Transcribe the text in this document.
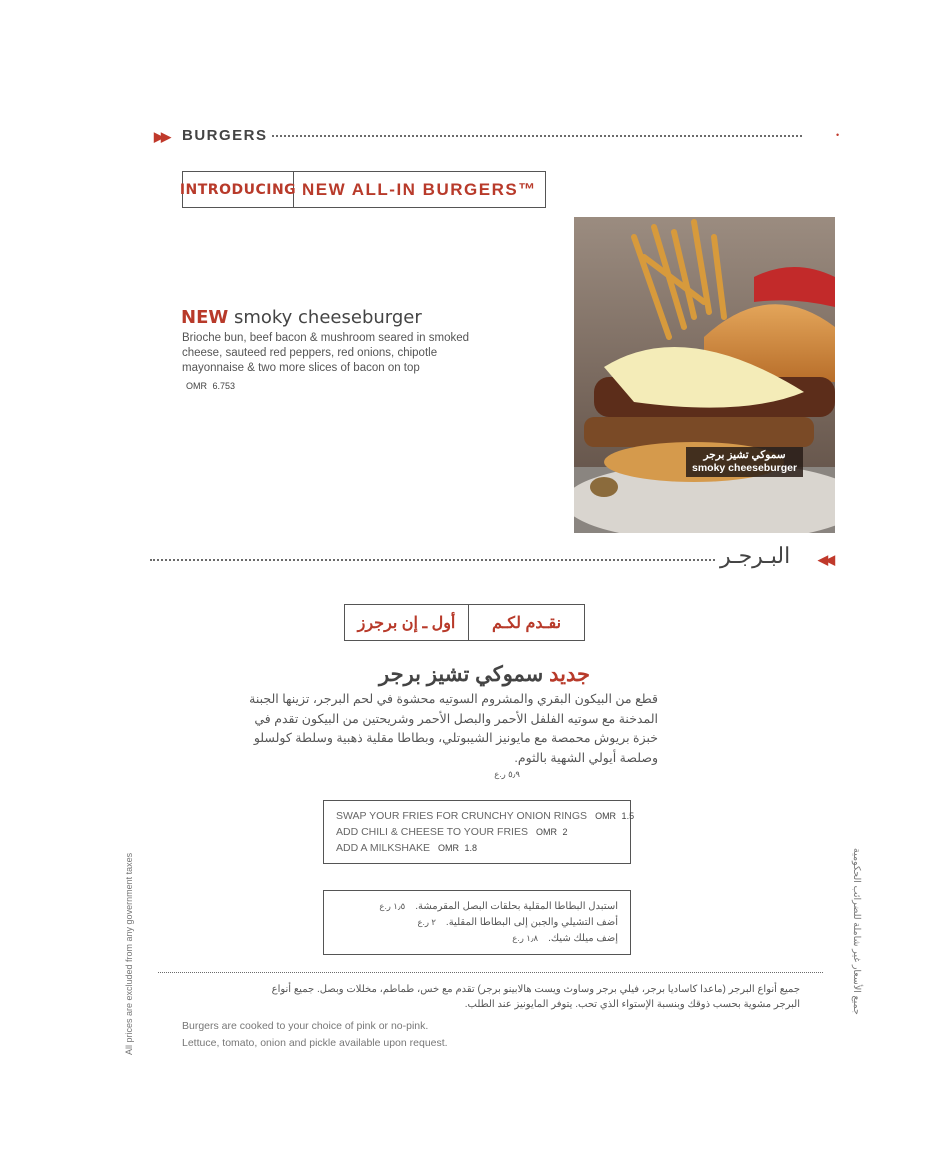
▶▶ BURGERS	•
INTRODUCING NEW ALL-IN BURGERS™
NEW smoky cheeseburger
Brioche bun, beef bacon & mushroom seared in smoked cheese, sauteed red peppers, red onions, chipotle mayonnaise & two more slices of bacon on top
OMR 6.753
سموكي تشيز برجر
smoky cheeseburger
البـرجـر ◀◀
نقـدم لكـم
أول ـ إن برجرز
جديد سموكي تشيز برجر
قطع من البيكون البقري والمشروم السوتيه محشوة في لحم البرجر، تزينها الجبنة المدخنة مع سوتيه الفلفل الأحمر والبصل الأحمر وشريحتين من البيكون تقدم في خبزة بريوش محمصة مع مايونيز الشيبوتلي، وبطاطا مقلية ذهبية وسلطة كولسلو وصلصة أيولي الشهية بالثوم.
٥٫٩ ر.ع
SWAP YOUR FRIES FOR CRUNCHY ONION RINGS OMR 1.5
ADD CHILI & CHEESE TO YOUR FRIES OMR 2
ADD A MILKSHAKE OMR 1.8
استبدل البطاطا المقلية بحلقات البصل المقرمشة.١٫٥ ر.ع
أضف التشيلي والجبن إلى البطاطا المقلية.٢ ر.ع
إضف ميلك شيك.١٫٨ ر.ع
جميع أنواع البرجر (ماعدا كاساديا برجر، فيلي برجر وساوث ويست هالابينو برجر) تقدم مع خس، طماطم، مخللات وبصل. جميع أنواع البرجر مشوية بحسب ذوقك وبنسبة الإستواء الذي تحب. يتوفر المايونيز عند الطلب.
Burgers are cooked to your choice of pink or no-pink.
Lettuce, tomato, onion and pickle available upon request.
All prices are excluded from any government taxes	جميع الأسعار غير شاملة للضرائب الحكومية
